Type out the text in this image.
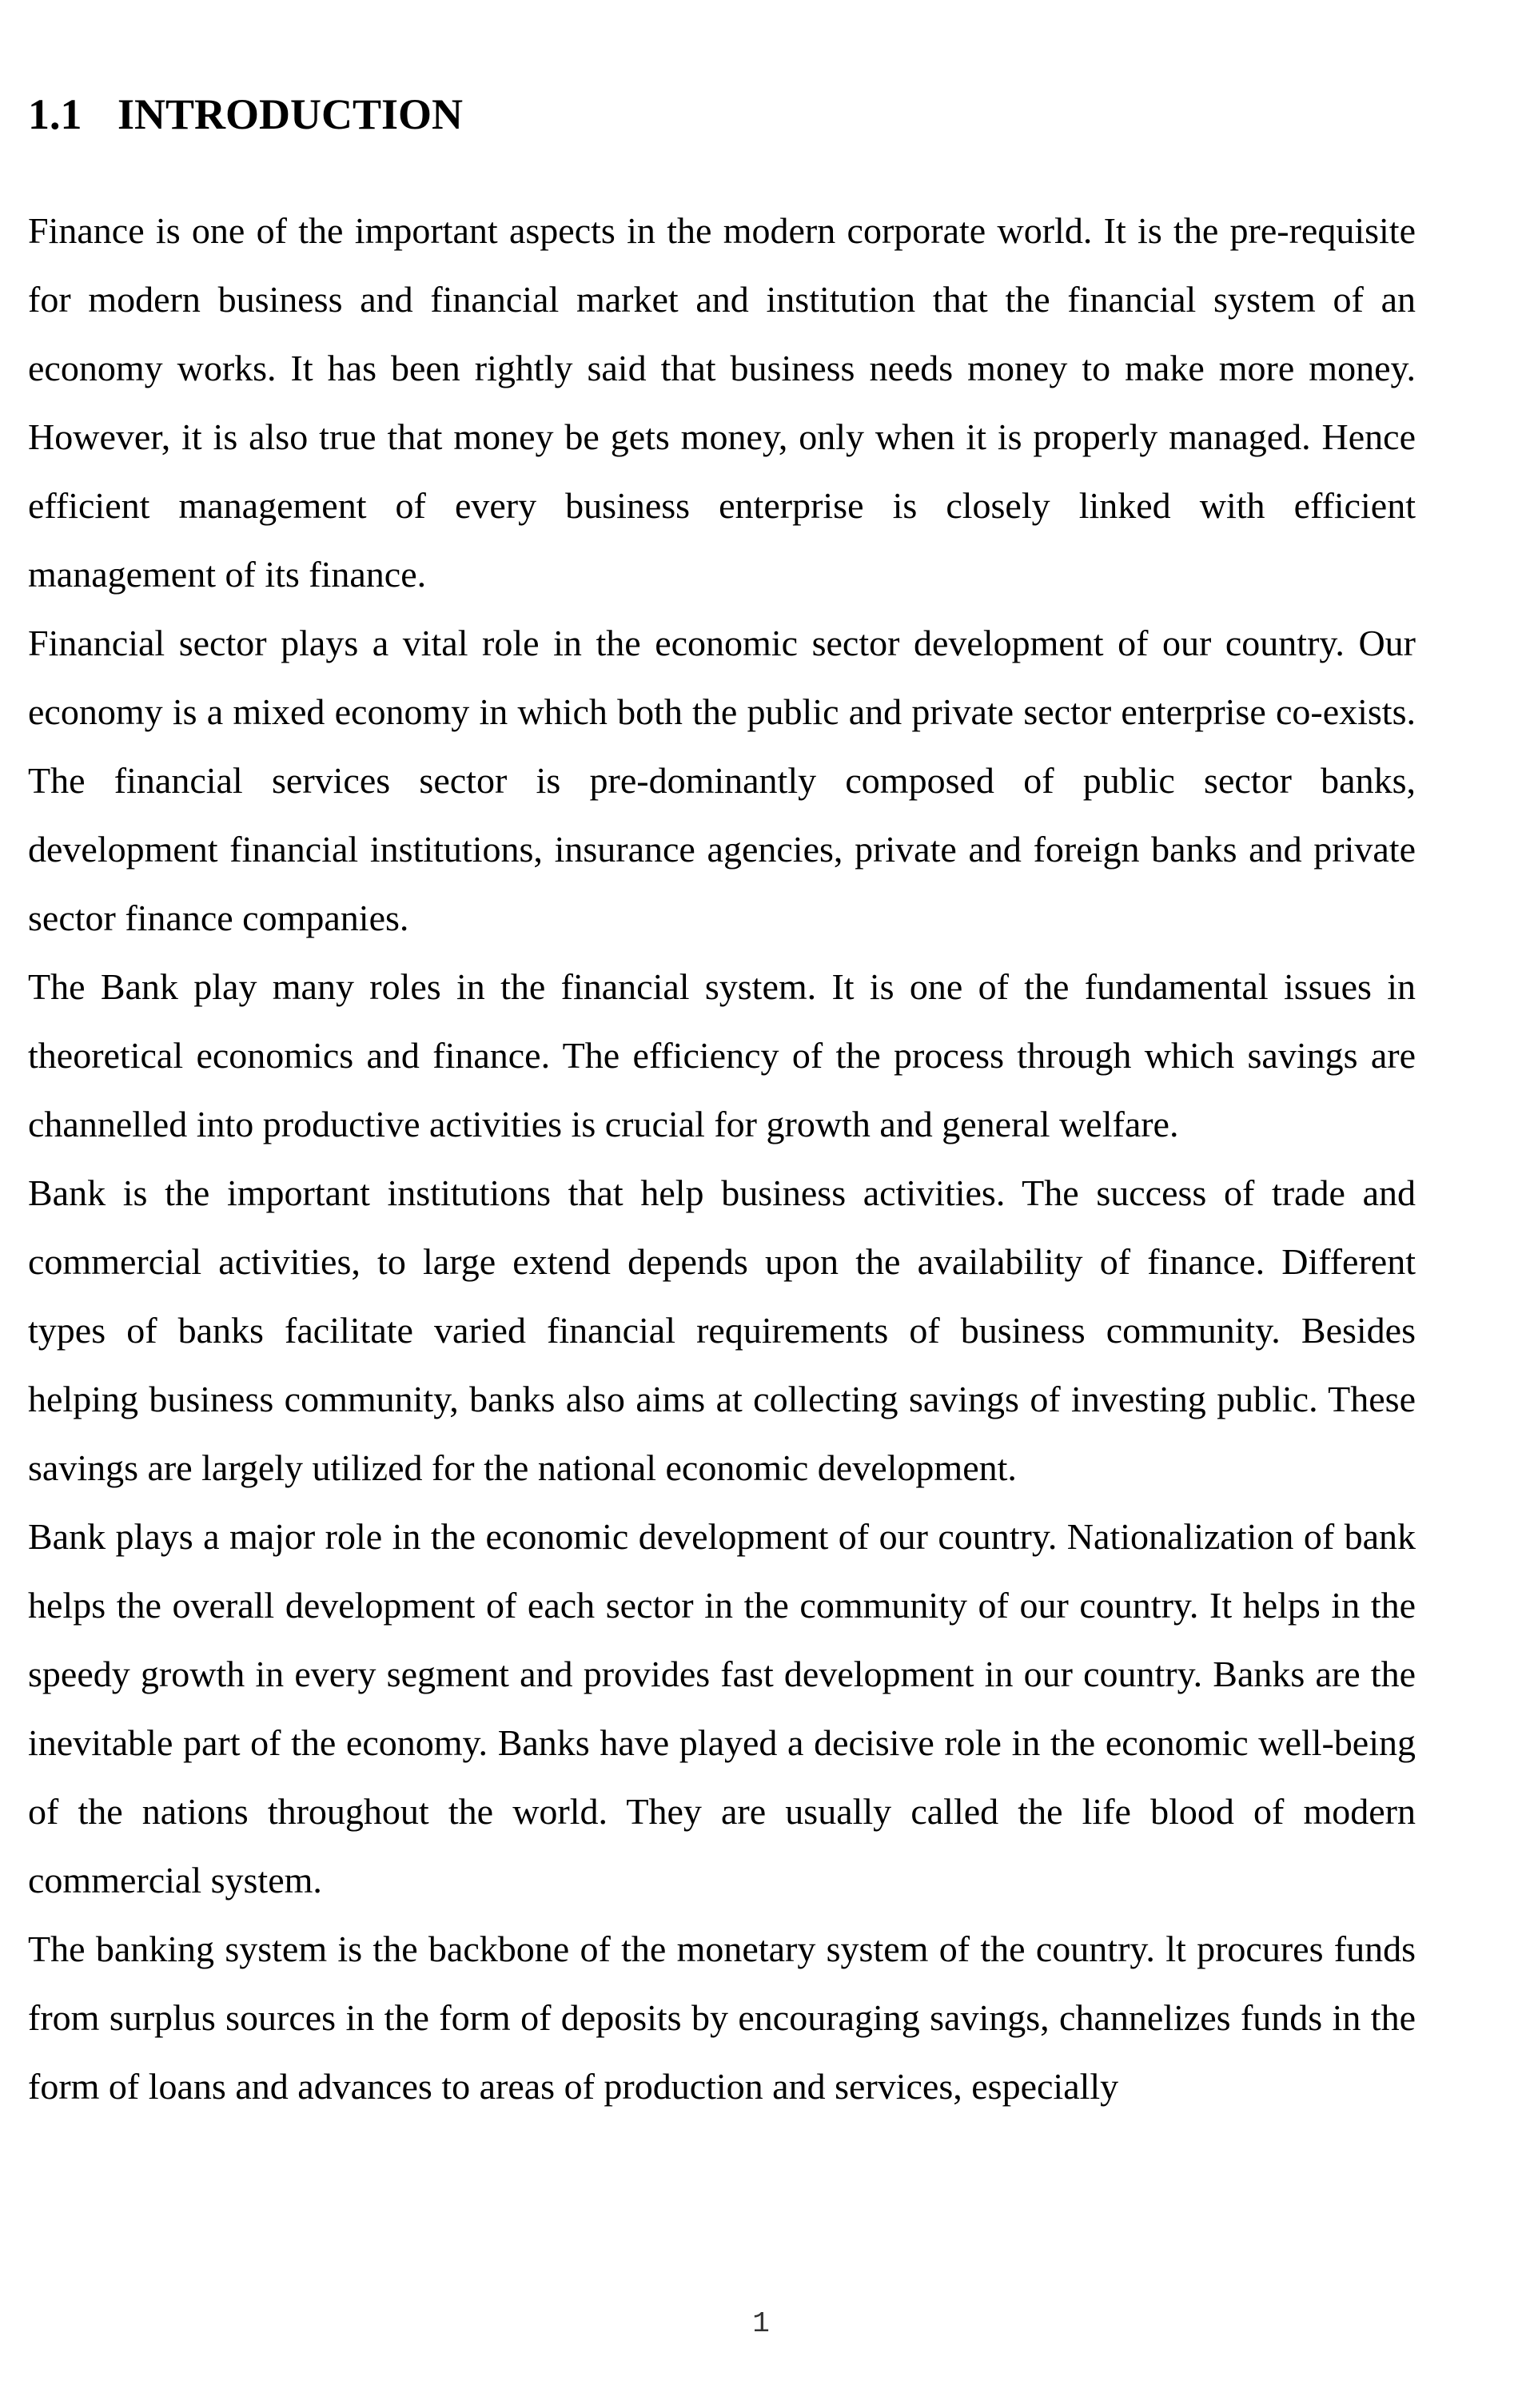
1.1 INTRODUCTION

Finance is one of the important aspects in the modern corporate world. It is the pre-requisite for modern business and financial market and institution that the financial system of an economy works. It has been rightly said that business needs money to make more money. However, it is also true that money be gets money, only when it is properly managed. Hence efficient management of every business enterprise is closely linked with efficient management of its finance.

Financial sector plays a vital role in the economic sector development of our country. Our economy is a mixed economy in which both the public and private sector enterprise co-exists. The financial services sector is pre-dominantly composed of public sector banks, development financial institutions, insurance agencies, private and foreign banks and private sector finance companies.

The Bank play many roles in the financial system. It is one of the fundamental issues in theoretical economics and finance. The efficiency of the process through which savings are channelled into productive activities is crucial for growth and general welfare.

Bank is the important institutions that help business activities. The success of trade and commercial activities, to large extend depends upon the availability of finance. Different types of banks facilitate varied financial requirements of business community. Besides helping business community, banks also aims at collecting savings of investing public. These savings are largely utilized for the national economic development.

Bank plays a major role in the economic development of our country. Nationalization of bank helps the overall development of each sector in the community of our country. It helps in the speedy growth in every segment and provides fast development in our country. Banks are the inevitable part of the economy. Banks have played a decisive role in the economic well-being of the nations throughout the world. They are usually called the life blood of modern commercial system.

The banking system is the backbone of the monetary system of the country. lt procures funds from surplus sources in the form of deposits by encouraging savings, channelizes funds in the form of loans and advances to areas of production and services, especially

1
